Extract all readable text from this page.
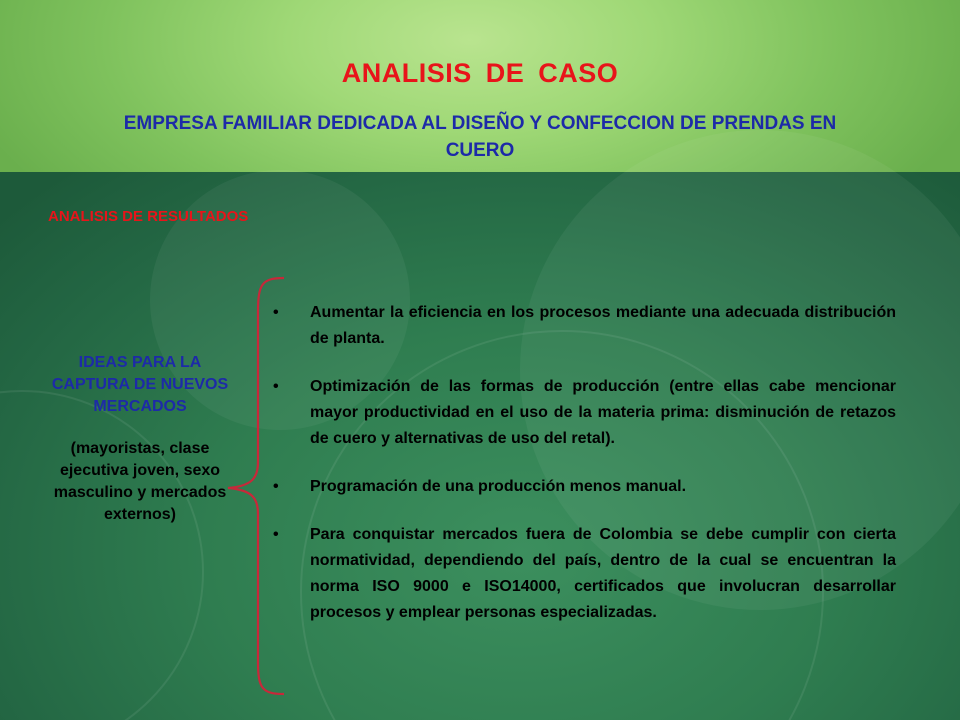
ANALISIS DE CASO
EMPRESA FAMILIAR DEDICADA AL DISEÑO Y CONFECCION DE PRENDAS EN CUERO
ANALISIS DE RESULTADOS
IDEAS PARA LA CAPTURA DE NUEVOS MERCADOS
(mayoristas, clase ejecutiva joven, sexo masculino y mercados externos)
• Aumentar la eficiencia en los procesos mediante una adecuada distribución de planta.
• Optimización de las formas de producción (entre ellas cabe mencionar mayor productividad en el uso de la materia prima: disminución de retazos de cuero y alternativas de uso del retal).
• Programación de una producción menos manual.
• Para conquistar mercados fuera de Colombia se debe cumplir con cierta normatividad, dependiendo del país, dentro de la cual se encuentran la norma ISO 9000 e ISO14000, certificados que involucran desarrollar procesos y emplear personas especializadas.
